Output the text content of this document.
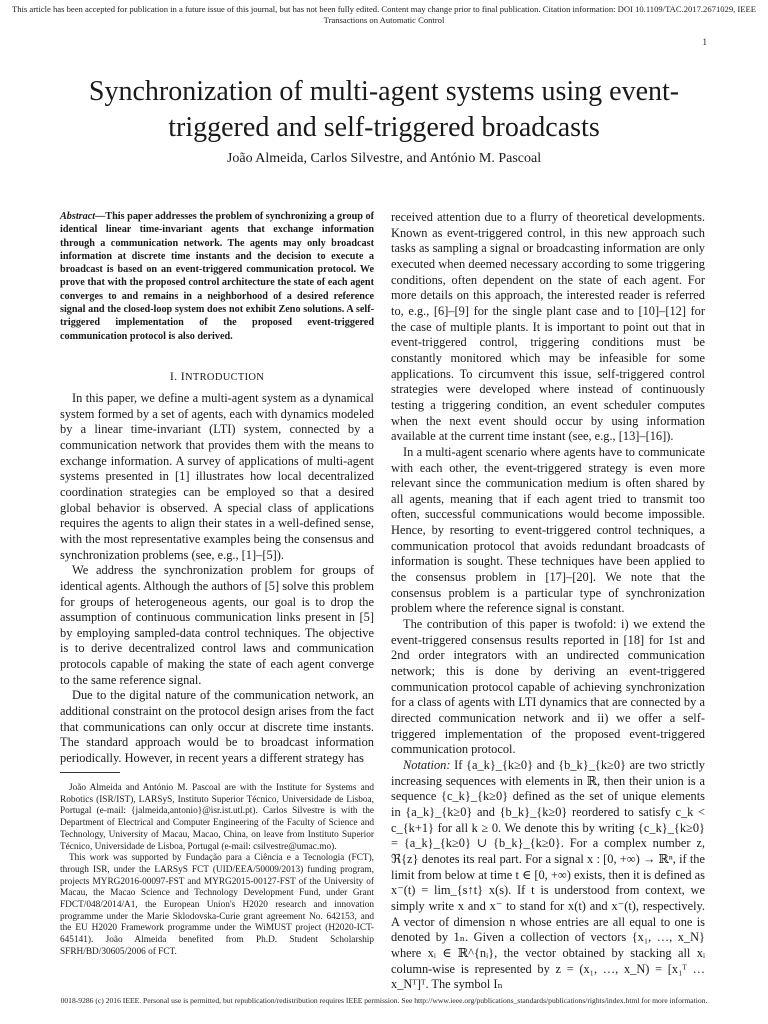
This article has been accepted for publication in a future issue of this journal, but has not been fully edited. Content may change prior to final publication. Citation information: DOI 10.1109/TAC.2017.2671029, IEEE
Transactions on Automatic Control
1
Synchronization of multi-agent systems using event-triggered and self-triggered broadcasts
João Almeida, Carlos Silvestre, and António M. Pascoal

Abstract—This paper addresses the problem of synchronizing a group of identical linear time-invariant agents that exchange information through a communication network. The agents may only broadcast information at discrete time instants and the decision to execute a broadcast is based on an event-triggered communication protocol. We prove that with the proposed control architecture the state of each agent converges to and remains in a neighborhood of a desired reference signal and the closed-loop system does not exhibit Zeno solutions. A self-triggered implementation of the proposed event-triggered communication protocol is also derived.

I. INTRODUCTION

In this paper, we define a multi-agent system as a dynamical system formed by a set of agents, each with dynamics modeled by a linear time-invariant (LTI) system, connected by a communication network that provides them with the means to exchange information. A survey of applications of multi-agent systems presented in [1] illustrates how local decentralized coordination strategies can be employed so that a desired global behavior is observed. A special class of applications requires the agents to align their states in a well-defined sense, with the most representative examples being the consensus and synchronization problems (see, e.g., [1]–[5]).

We address the synchronization problem for groups of identical agents. Although the authors of [5] solve this problem for groups of heterogeneous agents, our goal is to drop the assumption of continuous communication links present in [5] by employing sampled-data control techniques. The objective is to derive decentralized control laws and communication protocols capable of making the state of each agent converge to the same reference signal.

Due to the digital nature of the communication network, an additional constraint on the protocol design arises from the fact that communications can only occur at discrete time instants. The standard approach would be to broadcast information periodically. However, in recent years a different strategy has

João Almeida and António M. Pascoal are with the Institute for Systems and Robotics (ISR/IST), LARSyS, Instituto Superior Técnico, Universidade de Lisboa, Portugal (e-mail: {jalmeida,antonio}@isr.ist.utl.pt). Carlos Silvestre is with the Department of Electrical and Computer Engineering of the Faculty of Science and Technology, University of Macau, Macao, China, on leave from Instituto Superior Técnico, Universidade de Lisboa, Portugal (e-mail: csilvestre@umac.mo).

This work was supported by Fundação para a Ciência e a Tecnologia (FCT), through ISR, under the LARSyS FCT (UID/EEA/50009/2013) funding program, projects MYRG2016-00097-FST and MYRG2015-00127-FST of the University of Macau, the Macao Science and Technology Development Fund, under Grant FDCT/048/2014/A1, the European Union's H2020 research and innovation programme under the Marie Sklodovska-Curie grant agreement No. 642153, and the EU H2020 Framework programme under the WiMUST project (H2020-ICT-645141). João Almeida benefited from Ph.D. Student Scholarship SFRH/BD/30605/2006 of FCT.

received attention due to a flurry of theoretical developments. Known as event-triggered control, in this new approach such tasks as sampling a signal or broadcasting information are only executed when deemed necessary according to some triggering conditions, often dependent on the state of each agent. For more details on this approach, the interested reader is referred to, e.g., [6]–[9] for the single plant case and to [10]–[12] for the case of multiple plants. It is important to point out that in event-triggered control, triggering conditions must be constantly monitored which may be infeasible for some applications. To circumvent this issue, self-triggered control strategies were developed where instead of continuously testing a triggering condition, an event scheduler computes when the next event should occur by using information available at the current time instant (see, e.g., [13]–[16]).

In a multi-agent scenario where agents have to communicate with each other, the event-triggered strategy is even more relevant since the communication medium is often shared by all agents, meaning that if each agent tried to transmit too often, successful communications would become impossible. Hence, by resorting to event-triggered control techniques, a communication protocol that avoids redundant broadcasts of information is sought. These techniques have been applied to the consensus problem in [17]–[20]. We note that the consensus problem is a particular type of synchronization problem where the reference signal is constant.

The contribution of this paper is twofold: i) we extend the event-triggered consensus results reported in [18] for 1st and 2nd order integrators with an undirected communication network; this is done by deriving an event-triggered communication protocol capable of achieving synchronization for a class of agents with LTI dynamics that are connected by a directed communication network and ii) we offer a self-triggered implementation of the proposed event-triggered communication protocol.

Notation: If {a_k}_{k≥0} and {b_k}_{k≥0} are two strictly increasing sequences with elements in ℝ, then their union is a sequence {c_k}_{k≥0} defined as the set of unique elements in {a_k}_{k≥0} and {b_k}_{k≥0} reordered to satisfy c_k < c_{k+1} for all k ≥ 0. We denote this by writing {c_k}_{k≥0} = {a_k}_{k≥0} ∪ {b_k}_{k≥0}. For a complex number z, ℜ{z} denotes its real part. For a signal x : [0, +∞) → ℝⁿ, if the limit from below at time t ∈ [0, +∞) exists, then it is defined as x⁻(t) = lim_{s↑t} x(s). If t is understood from context, we simply write x and x⁻ to stand for x(t) and x⁻(t), respectively. A vector of dimension n whose entries are all equal to one is denoted by 1ₙ. Given a collection of vectors {x₁, …, x_N} where xᵢ ∈ ℝ^{nᵢ}, the vector obtained by stacking all xᵢ column-wise is represented by z = (x₁, …, x_N) = [x₁ᵀ … x_Nᵀ]ᵀ. The symbol Iₙ

0018-9286 (c) 2016 IEEE. Personal use is permitted, but republication/redistribution requires IEEE permission. See http://www.ieee.org/publications_standards/publications/rights/index.html for more information.
